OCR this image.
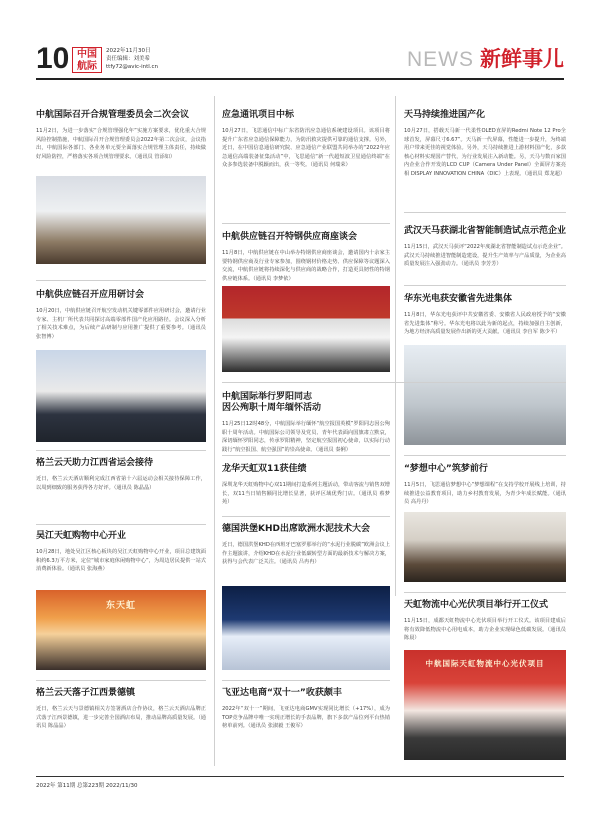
10 中国
航际
2022年11月30日
责任编辑：刘美希
ttfy72@avic-intl.cn	NEWS 新鲜事儿
中航国际召开合规管理委员会二次会议

11月2日，为进一步落实“合规管理强化年”实施方案要求，优化重大合规风险控制措施，中航国际召开合规管理委员会2022年第二次会议，会议指出，中航国际各部门、各业务单元要全面落实合规管理主体责任，持续做好风险防控，严格落实各项合规管理要求。（通讯员 管添如）

应急通讯项目中标

10月27日，飞思通信中标广东省防汛应急通信系统建设项目。该项目将提升广东省应急通信保障能力，为防汛救灾提供可靠的通信支撑。另外，近日，在中国信息通信研究院、应急通信产业联盟共同举办的“2022年应急通信高端装备征集活动”中，飞思通信“新一代超短波卫星通信终端”在众多参选装备中脱颖而出，获一等奖。（通讯员 何瑞荣）

天马持续推进国产化

10月27日，搭载天马新一代柔性OLED直屏的Redmi Note 12 Pro全球首发，屏幕尺寸6.67”。天马新一代屏幕，性能进一步提升，为终端用户带来更佳的视觉体验。另外，天马持续推进上游材料国产化，多款核心材料实现国产替代，为行业发展注入新动能。另，天马与数百家国内企业合作开发的LCD CUP（Camera Under Panel）全面屏方案亮相 DISPLAY INNOVATION CHINA（DIC）上表现。（通讯员 郑龙超）

中航供应链召开特钢供应商座谈会

11月8日，中航供应链在中山举办特钢供应商座谈会，邀请国内十余家主要特钢供应商及行业专家参加，围绕钢材价格走势、供应保障等议题深入交流，中航供应链将持续深化与供应商的战略合作，打造更具韧性的特钢供应链体系。（通讯员 李梦依）

武汉天马获湖北省智能制造试点示范企业

11月15日，武汉天马获评“2022年度湖北省智能制造试点示范企业”。武汉天马持续推进智能制造建设，提升生产效率与产品质量，为企业高质量发展注入强劲动力。（通讯员 李芳芳）

中航供应链召开应用研讨会

10月20日，中航供应链召开航空发动机关键零部件应用研讨会，邀请行业专家、主机厂所代表共同探讨高端零部件国产化应用路径。会议深入分析了相关技术难点，为后续产品研制与应用推广提供了重要参考。（通讯员 张智博）

华东光电获安徽省先进集体

11月8日，华东光电获评中共安徽省委、安徽省人民政府授予的“安徽省先进集体”称号。华东光电将以此为新的起点，持续加强自主创新，为地方经济高质量发展作出新的更大贡献。（通讯员 李自军 陈少平）

中航国际举行罗阳同志
因公殉职十周年缅怀活动

11月25日12时48分，中航国际举行缅怀“航空报国英模”罗阳同志因公殉职十周年活动。中航国际公司领导及党员、青年代表面向国旗肃立默哀，深切缅怀罗阳同志，传承罗阳精神，坚定航空报国初心使命，以实际行动践行“航空报国、航空强国”的崇高使命。（通讯员 秦俐）

格兰云天助力江西省运会接待

近日，格兰云天酒店顺利完成江西省第十六届运动会相关接待保障工作，以周到细致的服务获得各方好评。（通讯员 陈晶晶）

龙华天虹双11获佳绩

深圳龙华天虹购物中心双11期间打造系列主题活动，带动客流与销售双增长，双11当日销售额同比增长显著，获评区域优秀门店。（通讯员 蔡梦苑）

“梦想中心”筑梦前行

11月5日，飞思通信梦想中心“梦想课程”在支持学校开展线上培训，持续推进公益教育项目，助力乡村教育发展，为青少年成长赋能。（通讯员 高丹丹）

吴江天虹购物中心开业

10月28日，地处吴江区核心板块的吴江天虹购物中心开业，项目总建筑面积约6.3万平方米，定位“城市家庭休闲购物中心”，为周边居民提供一站式消费新体验。（通讯员 张海燕）

东天虹
德国洪堡KHD出席欧洲水泥技术大会

近日，德国洪堡KHD在西班牙巴塞罗那举行的“水泥行业脱碳”欧洲会议上作主题演讲，介绍KHD在水泥行业低碳转型方面的最新技术与解决方案，获得与会代表广泛关注。（通讯员 吕冉冉）

天虹物流中心光伏项目举行开工仪式

11月15日，成都天虹物流中心光伏项目举行开工仪式。该项目建成后将有效降低物流中心用电成本，助力企业实现绿色低碳发展。（通讯员 陈晨）

中航国际天虹物流中心光伏项目
格兰云天落子江西景德镇

近日，格兰云天与景德镇相关方签署酒店合作协议，格兰云天酒店品牌正式落子江西景德镇，进一步完善全国酒店布局，推动品牌高质量发展。（通讯员 陈晶晶）

飞亚达电商“双十一”收获颇丰

2022年“双十一”期间，飞亚达电商GMV实现同比增长（+17%），成为TOP竞争品牌中唯一实现正增长的手表品牌，旗下多款产品位列平台热销榜单前列。（通讯员 张淑毅 王俊军）

2022年 第11期 总第223期 2022/11/30
